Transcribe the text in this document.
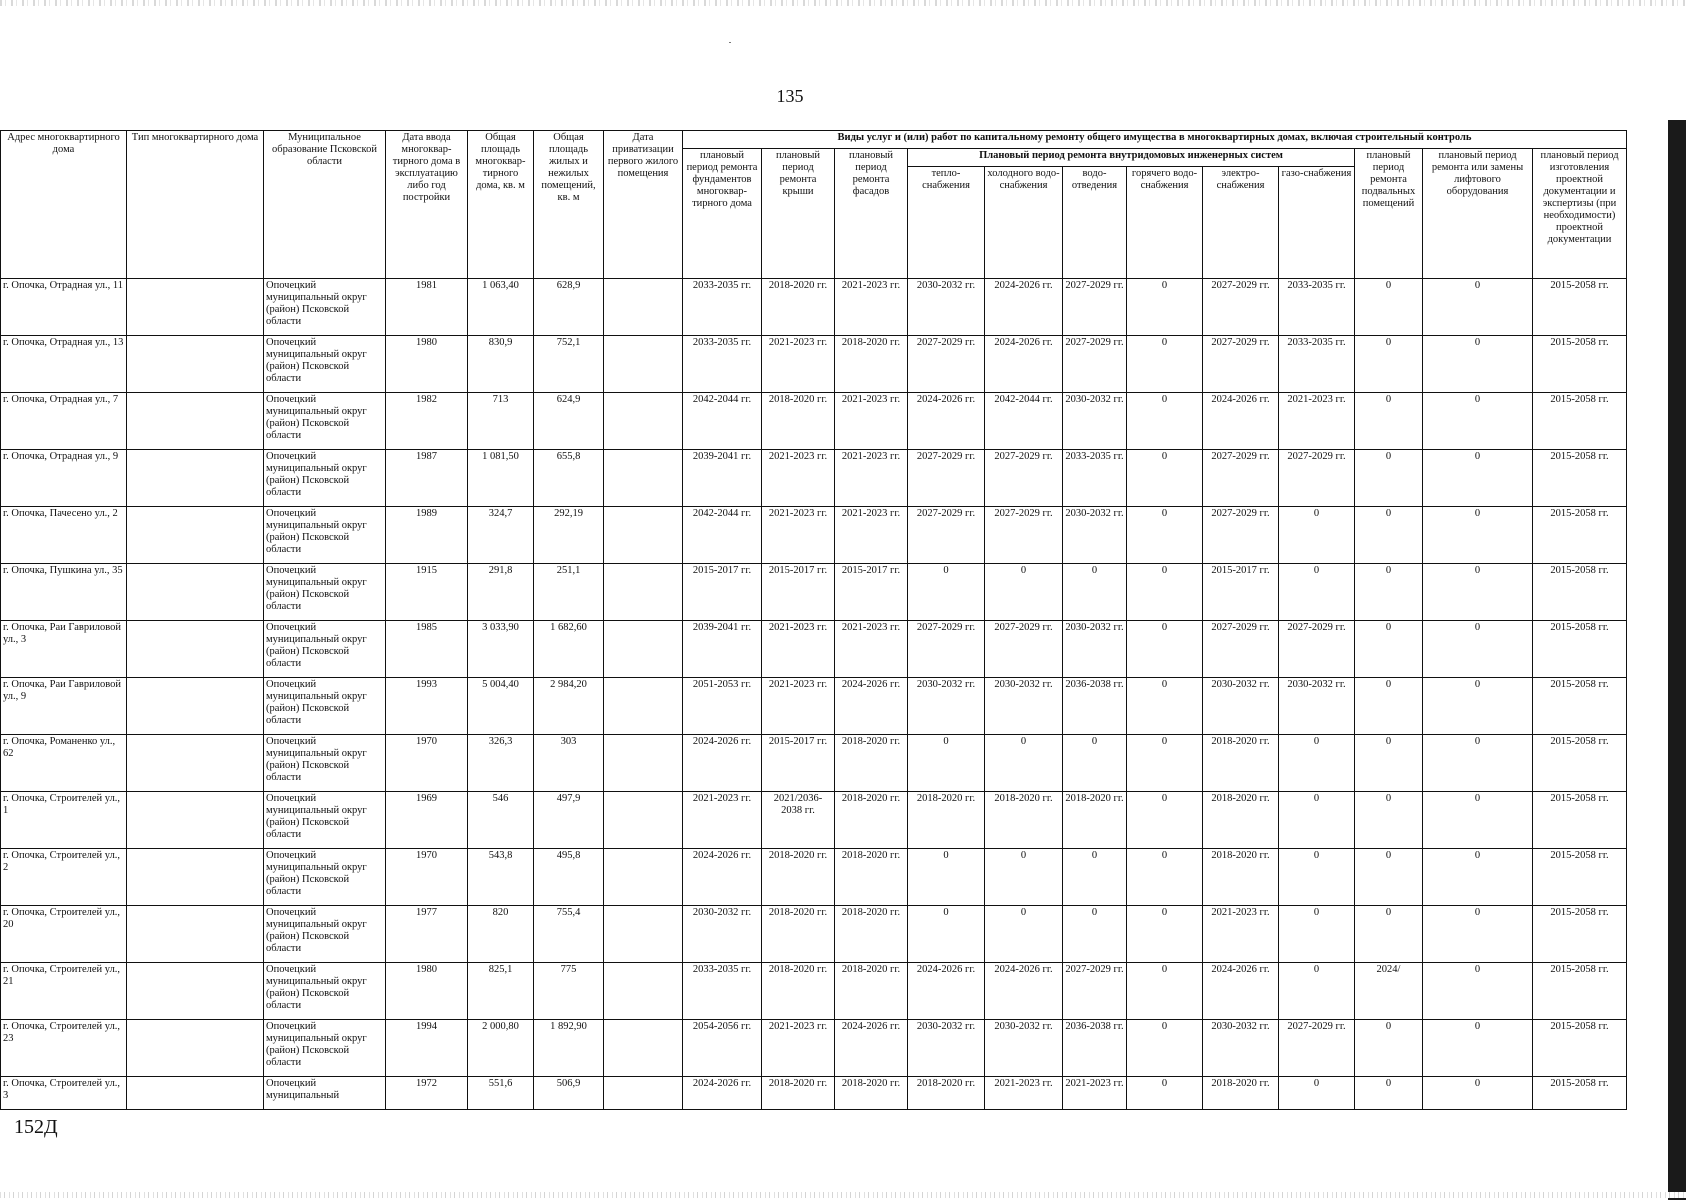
135
Адрес многоквартирного дома	Тип многоквартирного дома	Муниципальное образование Псковской области	Дата ввода многоквар-тирного дома в эксплуатацию либо год постройки	Общая площадь многоквар-тирного дома, кв. м	Общая площадь жилых и нежилых помещений, кв. м	Дата приватизации первого жилого помещения	Виды услуг и (или) работ по капитальному ремонту общего имущества в многоквартирных домах, включая строительный контроль											
							плановый период ремонта фундаментов многоквар-тирного дома	плановый период ремонта крыши	плановый период ремонта фасадов	Плановый период ремонта внутридомовых инженерных систем						плановый период ремонта подвальных помещений	плановый период ремонта или замены лифтового оборудования	плановый период изготовления проектной документации и экспертизы (при необходимости) проектной документации
										тепло-снабжения	холодного водо-снабжения	водо-отведения	горячего водо-снабжения	электро-снабжения	газо-снабжения			
г. Опочка, Отрадная ул., 11		Опочецкий муниципальный округ (район) Псковской области	1981	1 063,40	628,9		2033-2035 гг.	2018-2020 гг.	2021-2023 гг.	2030-2032 гг.	2024-2026 гг.	2027-2029 гг.	0	2027-2029 гг.	2033-2035 гг.	0	0	2015-2058 гг.
г. Опочка, Отрадная ул., 13		Опочецкий муниципальный округ (район) Псковской области	1980	830,9	752,1		2033-2035 гг.	2021-2023 гг.	2018-2020 гг.	2027-2029 гг.	2024-2026 гг.	2027-2029 гг.	0	2027-2029 гг.	2033-2035 гг.	0	0	2015-2058 гг.
г. Опочка, Отрадная ул., 7		Опочецкий муниципальный округ (район) Псковской области	1982	713	624,9		2042-2044 гг.	2018-2020 гг.	2021-2023 гг.	2024-2026 гг.	2042-2044 гг.	2030-2032 гг.	0	2024-2026 гг.	2021-2023 гг.	0	0	2015-2058 гг.
г. Опочка, Отрадная ул., 9		Опочецкий муниципальный округ (район) Псковской области	1987	1 081,50	655,8		2039-2041 гг.	2021-2023 гг.	2021-2023 гг.	2027-2029 гг.	2027-2029 гг.	2033-2035 гг.	0	2027-2029 гг.	2027-2029 гг.	0	0	2015-2058 гг.
г. Опочка, Пачесено ул., 2		Опочецкий муниципальный округ (район) Псковской области	1989	324,7	292,19		2042-2044 гг.	2021-2023 гг.	2021-2023 гг.	2027-2029 гг.	2027-2029 гг.	2030-2032 гг.	0	2027-2029 гг.	0	0	0	2015-2058 гг.
г. Опочка, Пушкина ул., 35		Опочецкий муниципальный округ (район) Псковской области	1915	291,8	251,1		2015-2017 гг.	2015-2017 гг.	2015-2017 гг.	0	0	0	0	2015-2017 гг.	0	0	0	2015-2058 гг.
г. Опочка, Раи Гавриловой ул., 3		Опочецкий муниципальный округ (район) Псковской области	1985	3 033,90	1 682,60		2039-2041 гг.	2021-2023 гг.	2021-2023 гг.	2027-2029 гг.	2027-2029 гг.	2030-2032 гг.	0	2027-2029 гг.	2027-2029 гг.	0	0	2015-2058 гг.
г. Опочка, Раи Гавриловой ул., 9		Опочецкий муниципальный округ (район) Псковской области	1993	5 004,40	2 984,20		2051-2053 гг.	2021-2023 гг.	2024-2026 гг.	2030-2032 гг.	2030-2032 гг.	2036-2038 гг.	0	2030-2032 гг.	2030-2032 гг.	0	0	2015-2058 гг.
г. Опочка, Романенко ул., 62		Опочецкий муниципальный округ (район) Псковской области	1970	326,3	303		2024-2026 гг.	2015-2017 гг.	2018-2020 гг.	0	0	0	0	2018-2020 гг.	0	0	0	2015-2058 гг.
г. Опочка, Строителей ул., 1		Опочецкий муниципальный округ (район) Псковской области	1969	546	497,9		2021-2023 гг.	2021/2036-2038 гг.	2018-2020 гг.	2018-2020 гг.	2018-2020 гг.	2018-2020 гг.	0	2018-2020 гг.	0	0	0	2015-2058 гг.
г. Опочка, Строителей ул., 2		Опочецкий муниципальный округ (район) Псковской области	1970	543,8	495,8		2024-2026 гг.	2018-2020 гг.	2018-2020 гг.	0	0	0	0	2018-2020 гг.	0	0	0	2015-2058 гг.
г. Опочка, Строителей ул., 20		Опочецкий муниципальный округ (район) Псковской области	1977	820	755,4		2030-2032 гг.	2018-2020 гг.	2018-2020 гг.	0	0	0	0	2021-2023 гг.	0	0	0	2015-2058 гг.
г. Опочка, Строителей ул., 21		Опочецкий муниципальный округ (район) Псковской области	1980	825,1	775		2033-2035 гг.	2018-2020 гг.	2018-2020 гг.	2024-2026 гг.	2024-2026 гг.	2027-2029 гг.	0	2024-2026 гг.	0	2024/	0	2015-2058 гг.
г. Опочка, Строителей ул., 23		Опочецкий муниципальный округ (район) Псковской области	1994	2 000,80	1 892,90		2054-2056 гг.	2021-2023 гг.	2024-2026 гг.	2030-2032 гг.	2030-2032 гг.	2036-2038 гг.	0	2030-2032 гг.	2027-2029 гг.	0	0	2015-2058 гг.
г. Опочка, Строителей ул., 3		Опочецкий муниципальный	1972	551,6	506,9		2024-2026 гг.	2018-2020 гг.	2018-2020 гг.	2018-2020 гг.	2021-2023 гг.	2021-2023 гг.	0	2018-2020 гг.	0	0	0	2015-2058 гг.
152Д
